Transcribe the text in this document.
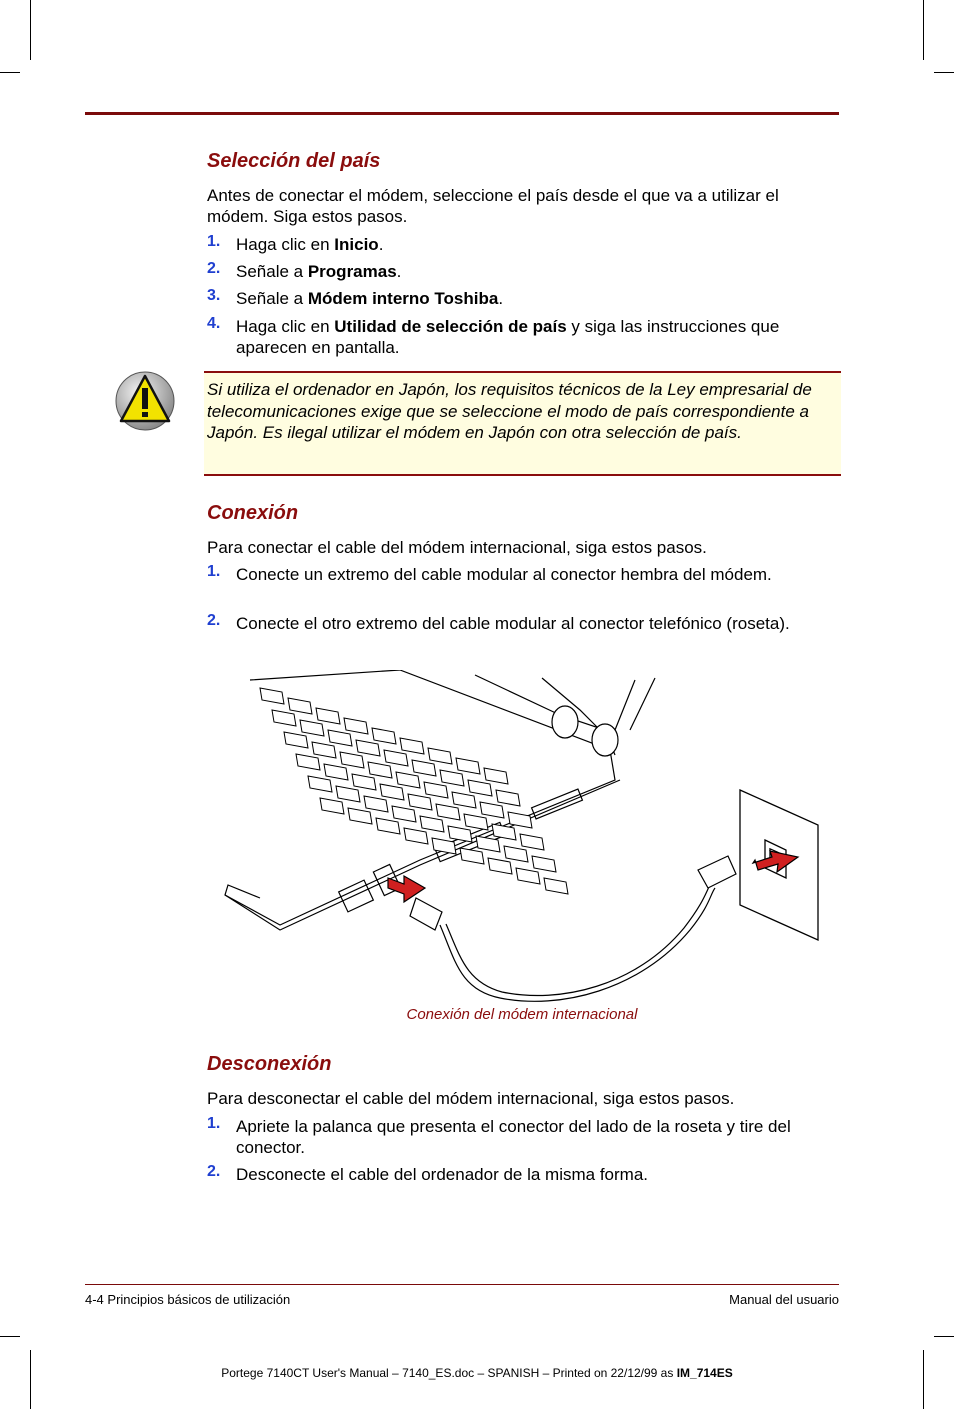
Selección del país

Antes de conectar el módem, seleccione el país desde el que va a utilizar el módem. Siga estos pasos.

1. Haga clic en Inicio.
2. Señale a Programas.
3. Señale a Módem interno Toshiba.
4. Haga clic en Utilidad de selección de país y siga las instrucciones que aparecen en pantalla.

Si utiliza el ordenador en Japón, los requisitos técnicos de la Ley empresarial de telecomunicaciones exige que se seleccione el modo de país correspondiente a Japón. Es ilegal utilizar el módem en Japón con otra selección de país.

Conexión

Para conectar el cable del módem internacional, siga estos pasos.

1. Conecte un extremo del cable modular al conector hembra del módem.
2. Conecte el otro extremo del cable modular al conector telefónico (roseta).
Conexión del módem internacional
Desconexión

Para desconectar el cable del módem internacional, siga estos pasos.

1. Apriete la palanca que presenta el conector del lado de la roseta y tire del conector.
2. Desconecte el cable del ordenador de la misma forma.
4-4 Principios básicos de utilización	Manual del usuario
Portege 7140CT User's Manual – 7140_ES.doc – SPANISH – Printed on 22/12/99 as IM_714ES
